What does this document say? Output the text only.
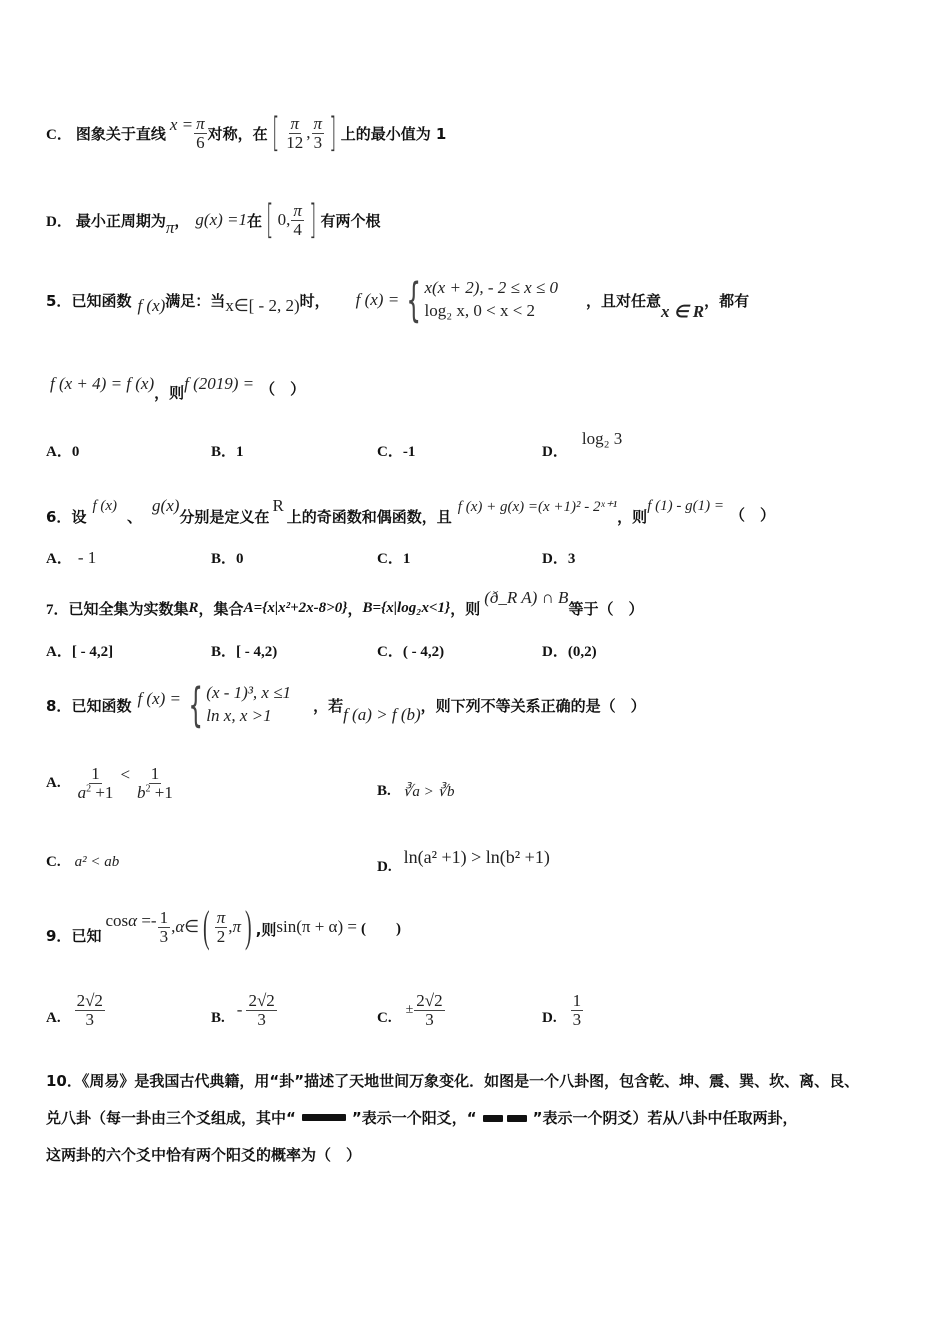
C． 图象关于直线 $x = \frac{\pi}{6}$ 对称，在 [ $\frac{\pi}{12}$ , $\frac{\pi}{3}$ ] 上的最小值为 1
D． 最小正周期为 π ， g(x) =1 在 [ 0, $\frac{\pi}{4}$ ] 有两个根
5． 已知函数 f (x) 满足：当 x∈[ - 2, 2) 时， f (x) = { x(x + 2), - 2 ≤ x ≤ 0
log₂ x, 0 < x < 2
，且对任意
x ∈ R
，都有
f (x + 4) = f (x) ，则 f (2019) = （　）
A．0	B．1	C．-1	D．log₂ 3
6． 设
f (x)
、
g(x)
分别是定义在
R
上的奇函数和偶函数，且
f (x) + g(x) =(x +1)² - 2ˣ⁺¹
，则
f (1) - g(1) = （　）
A． - 1	B．0	C．1	D．3
7． 已知全集为实数集 R ，集合 A={x|x²+2x-8>0} ， B={x|log₂x<1} ，则
(ð_R A) ∩ B
等于（　）
A．[ - 4,2]	B．[ - 4,2)	C．( - 4,2)	D．(0,2)
8． 已知函数 f (x) = { (x - 1)³, x ≤1
ln x, x >1
，若 f (a) > f (b) ，则下列不等关系正确的是（　）
A. $\frac{1}{a^2 +1} < \frac{1}{b^2 +1}$	B. ∛a > ∛b
C. a² < ab	D. ln(a² +1) > ln(b² +1)
9． 已知
$\cos\alpha =- \frac{1}{3}$ ,α∈ ( $\frac{\pi}{2} ,\pi$ ) ,则 sin(π + α) = (　　)
A. $\frac{2√2}{3}$	B. - $\frac{2√2}{3}$	C. ± $\frac{2√2}{3}$	D. $\frac{1}{3}$
10．《周易》是我国古代典籍，用“卦”描述了天地世间万象变化．如图是一个八卦图，包含乾、坤、震、巽、坎、离、艮、
兑八卦（每一卦由三个爻组成，其中“	”表示一个阳爻，“	”表示一个阴爻）若从八卦中任取两卦，
这两卦的六个爻中恰有两个阳爻的概率为（　）
